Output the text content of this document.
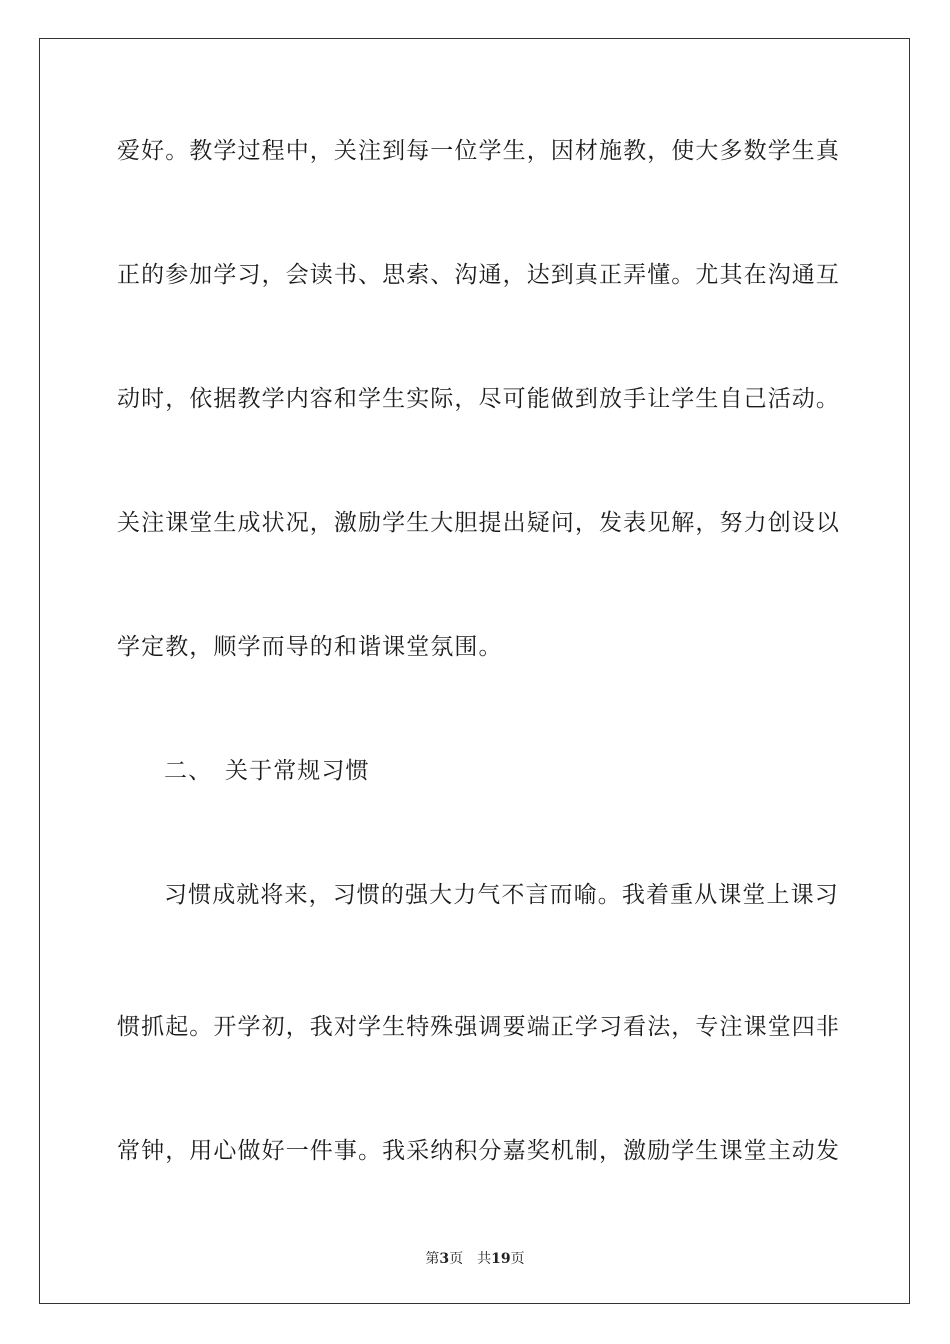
爱好。教学过程中，关注到每一位学生，因材施教，使大多数学生真
正的参加学习，会读书、思索、沟通，达到真正弄懂。尤其在沟通互
动时，依据教学内容和学生实际，尽可能做到放手让学生自己活动。
关注课堂生成状况，激励学生大胆提出疑问，发表见解，努力创设以
学定教，顺学而导的和谐课堂氛围。
二、 关于常规习惯
习惯成就将来，习惯的强大力气不言而喻。我着重从课堂上课习
惯抓起。开学初，我对学生特殊强调要端正学习看法，专注课堂四非
常钟，用心做好一件事。我采纳积分嘉奖机制，激励学生课堂主动发
第3页 共19页
